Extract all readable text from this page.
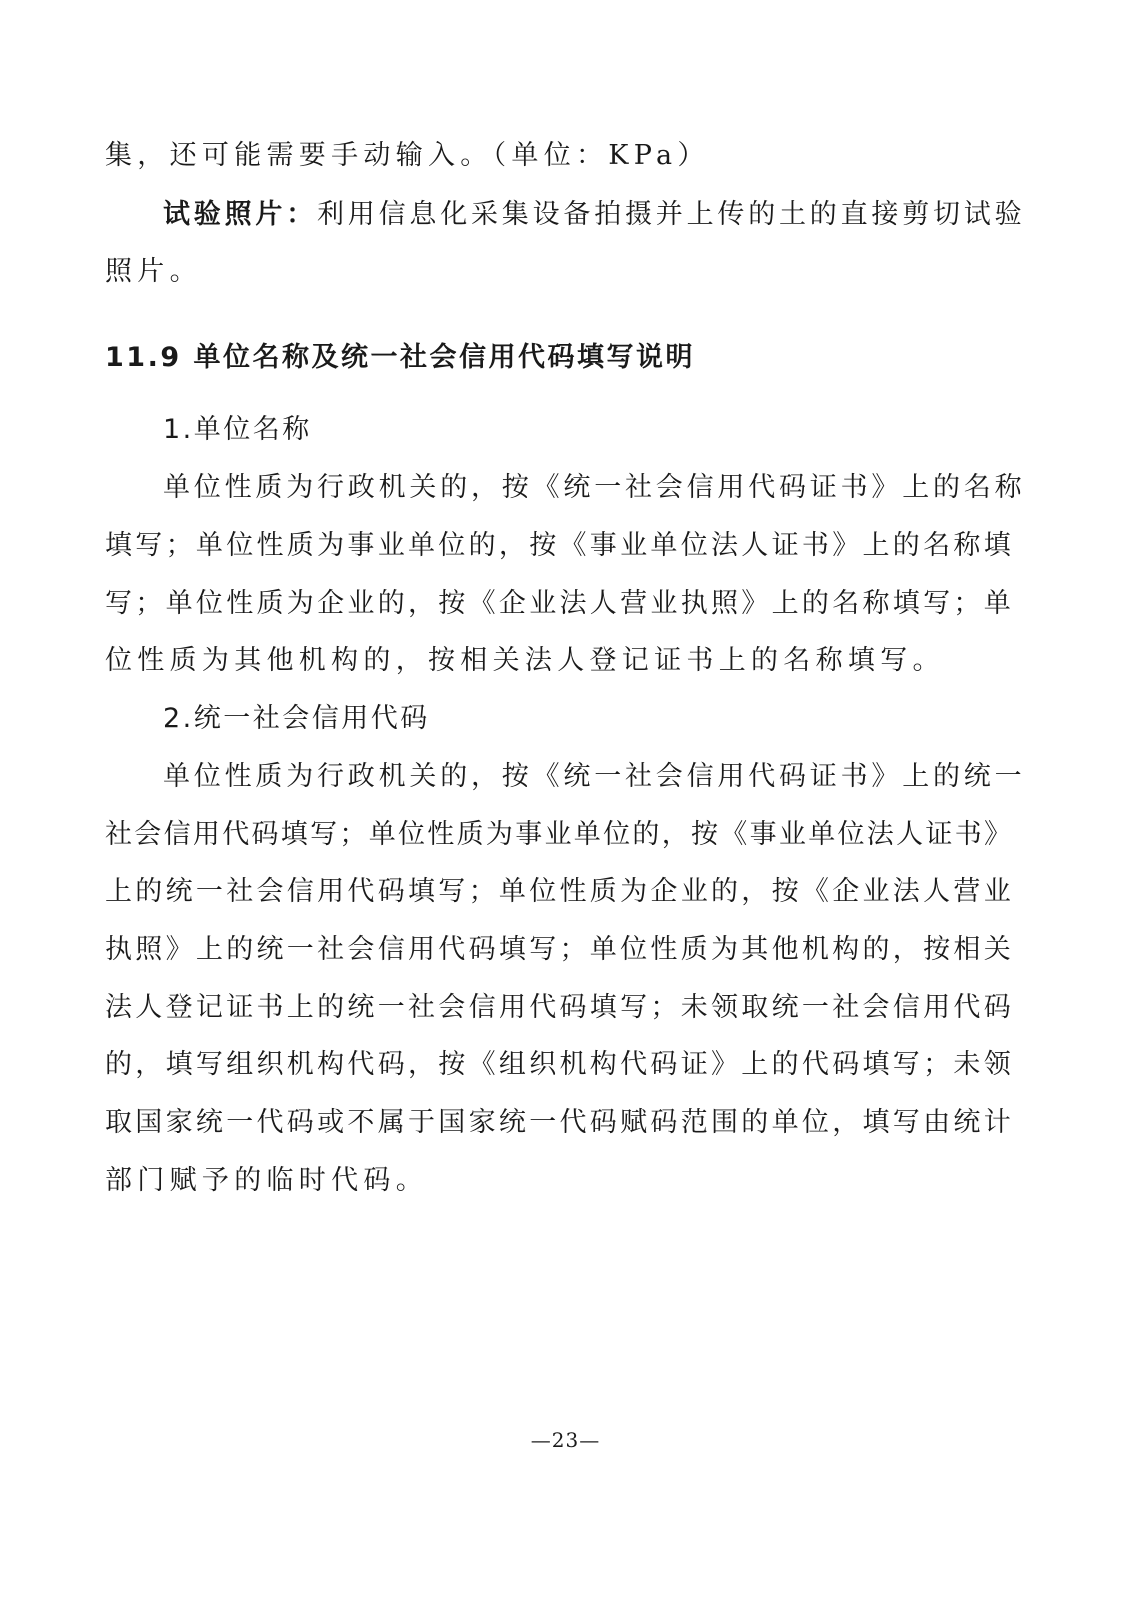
集，还可能需要手动输入。（单位：KPa）
试验照片：利用信息化采集设备拍摄并上传的土的直接剪切试验
照片。
11.9 单位名称及统一社会信用代码填写说明
1.单位名称
单位性质为行政机关的，按《统一社会信用代码证书》上的名称
填写；单位性质为事业单位的，按《事业单位法人证书》上的名称填
写；单位性质为企业的，按《企业法人营业执照》上的名称填写；单
位性质为其他机构的，按相关法人登记证书上的名称填写。
2.统一社会信用代码
单位性质为行政机关的，按《统一社会信用代码证书》上的统一
社会信用代码填写；单位性质为事业单位的，按《事业单位法人证书》
上的统一社会信用代码填写；单位性质为企业的，按《企业法人营业
执照》上的统一社会信用代码填写；单位性质为其他机构的，按相关
法人登记证书上的统一社会信用代码填写；未领取统一社会信用代码
的，填写组织机构代码，按《组织机构代码证》上的代码填写；未领
取国家统一代码或不属于国家统一代码赋码范围的单位，填写由统计
部门赋予的临时代码。
—23—
